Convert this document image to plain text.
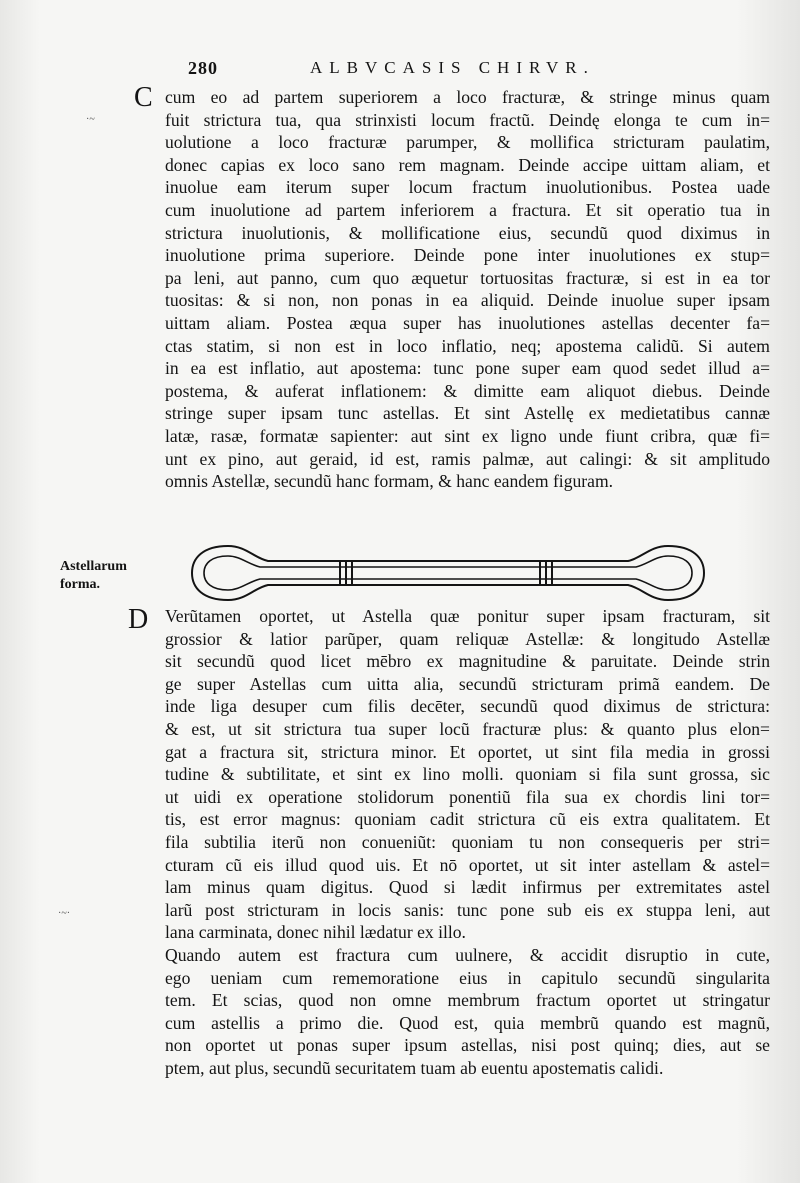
280	ALBVCASIS CHIRVR.
C
D
·~
·~·
Astellarum
forma.
cum eo ad partem superiorem a loco fracturæ, & stringe minus quam
fuit strictura tua, qua strinxisti locum fractũ. Deindę elonga te cum in=
uolutione a loco fracturæ parumper, & mollifica stricturam paulatim,
donec capias ex loco sano rem magnam. Deinde accipe uittam aliam, et
inuolue eam iterum super locum fractum inuolutionibus. Postea uade
cum inuolutione ad partem inferiorem a fractura. Et sit operatio tua in
strictura inuolutionis, & mollificatione eius, secundũ quod diximus in
inuolutione prima superiore. Deinde pone inter inuolutiones ex stup=
pa leni, aut panno, cum quo æquetur tortuositas fracturæ, si est in ea tor
tuositas: & si non, non ponas in ea aliquid. Deinde inuolue super ipsam
uittam aliam. Postea æqua super has inuolutiones astellas decenter fa=
ctas statim, si non est in loco inflatio, neq; apostema calidũ. Si autem
in ea est inflatio, aut apostema: tunc pone super eam quod sedet illud a=
postema, & auferat inflationem: & dimitte eam aliquot diebus. Deinde
stringe super ipsam tunc astellas. Et sint Astellę ex medietatibus cannæ
latæ, rasæ, formatæ sapienter: aut sint ex ligno unde fiunt cribra, quæ fi=
unt ex pino, aut geraid, id est, ramis palmæ, aut calingi: & sit amplitudo
omnis Astellæ, secundũ hanc formam, & hanc eandem figuram.
Verũtamen oportet, ut Astella quæ ponitur super ipsam fracturam, sit
grossior & latior parũper, quam reliquæ Astellæ: & longitudo Astellæ
sit secundũ quod licet mēbro ex magnitudine & paruitate. Deinde strin
ge super Astellas cum uitta alia, secundũ stricturam primã eandem. De
inde liga desuper cum filis decēter, secundũ quod diximus de strictura:
& est, ut sit strictura tua super locũ fracturæ plus: & quanto plus elon=
gat a fractura sit, strictura minor. Et oportet, ut sint fila media in grossi
tudine & subtilitate, et sint ex lino molli. quoniam si fila sunt grossa, sic
ut uidi ex operatione stolidorum ponentiũ fila sua ex chordis lini tor=
tis, est error magnus: quoniam cadit strictura cũ eis extra qualitatem. Et
fila subtilia iterũ non conueniũt: quoniam tu non consequeris per stri=
cturam cũ eis illud quod uis. Et nō oportet, ut sit inter astellam & astel=
lam minus quam digitus. Quod si lædit infirmus per extremitates astel
larũ post stricturam in locis sanis: tunc pone sub eis ex stuppa leni, aut
lana carminata, donec nihil lædatur ex illo.
Quando autem est fractura cum uulnere, & accidit disruptio in cute,
ego ueniam cum rememoratione eius in capitulo secundũ singularita
tem. Et scias, quod non omne membrum fractum oportet ut stringatur
cum astellis a primo die. Quod est, quia membrũ quando est magnũ,
non oportet ut ponas super ipsum astellas, nisi post quinq; dies, aut se
ptem, aut plus, secundũ securitatem tuam ab euentu apostematis calidi.
